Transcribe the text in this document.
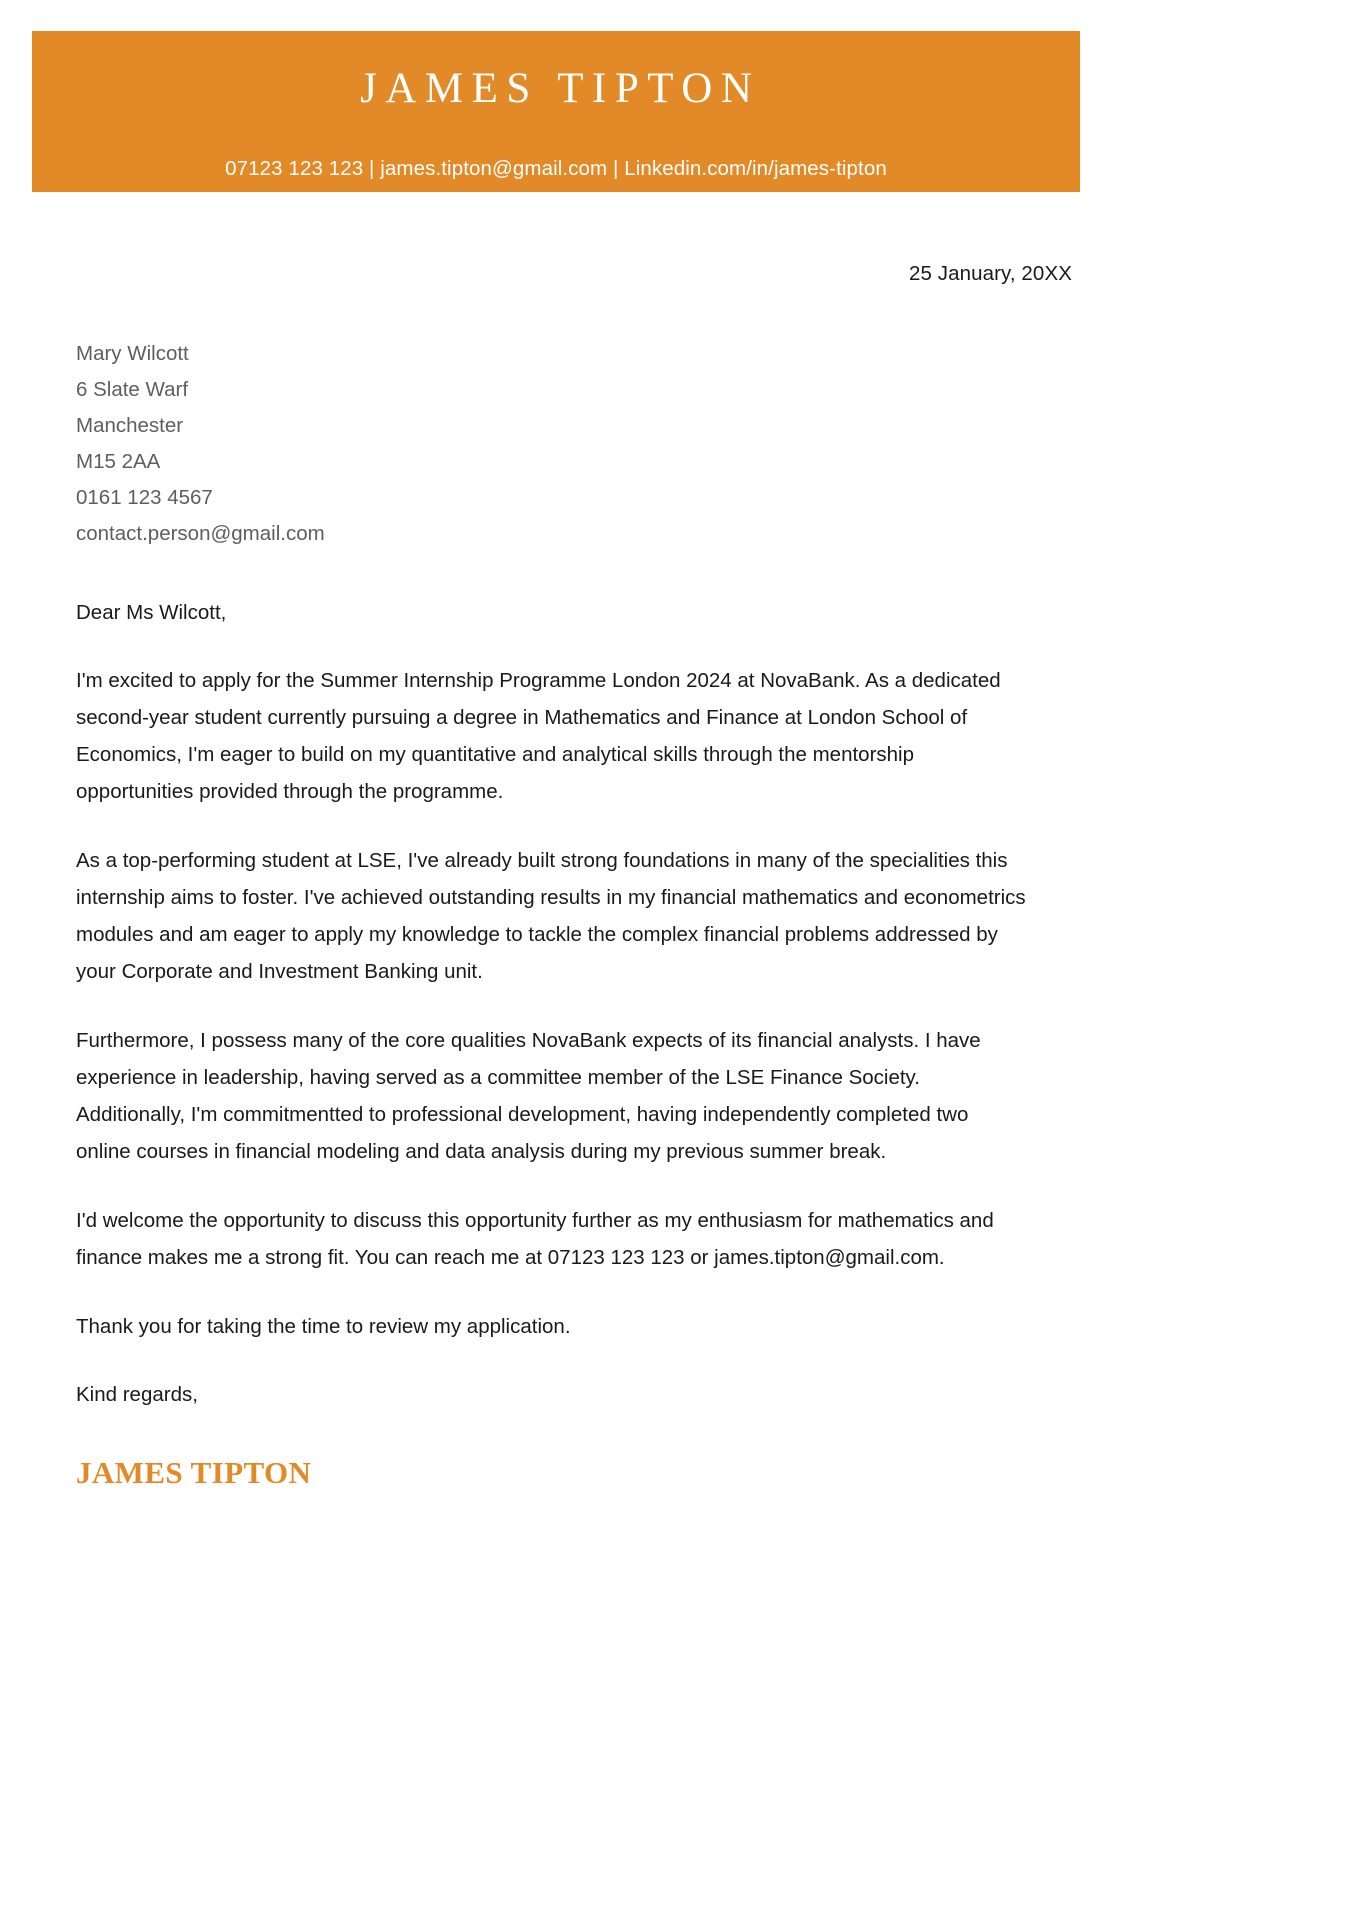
JAMES TIPTON
07123 123 123 | james.tipton@gmail.com | Linkedin.com/in/james-tipton
25 January, 20XX
Mary Wilcott
6 Slate Warf
Manchester
M15 2AA
0161 123 4567
contact.person@gmail.com
Dear Ms Wilcott,

I'm excited to apply for the Summer Internship Programme London 2024 at NovaBank. As a dedicated second-year student currently pursuing a degree in Mathematics and Finance at London School of Economics, I'm eager to build on my quantitative and analytical skills through the mentorship opportunities provided through the programme.

As a top-performing student at LSE, I've already built strong foundations in many of the specialities this internship aims to foster. I've achieved outstanding results in my financial mathematics and econometrics modules and am eager to apply my knowledge to tackle the complex financial problems addressed by your Corporate and Investment Banking unit.

Furthermore, I possess many of the core qualities NovaBank expects of its financial analysts. I have experience in leadership, having served as a committee member of the LSE Finance Society. Additionally, I'm commitmentted to professional development, having independently completed two online courses in financial modeling and data analysis during my previous summer break.

I'd welcome the opportunity to discuss this opportunity further as my enthusiasm for mathematics and finance makes me a strong fit. You can reach me at 07123 123 123 or james.tipton@gmail.com.

Thank you for taking the time to review my application.
Kind regards,
JAMES TIPTON
